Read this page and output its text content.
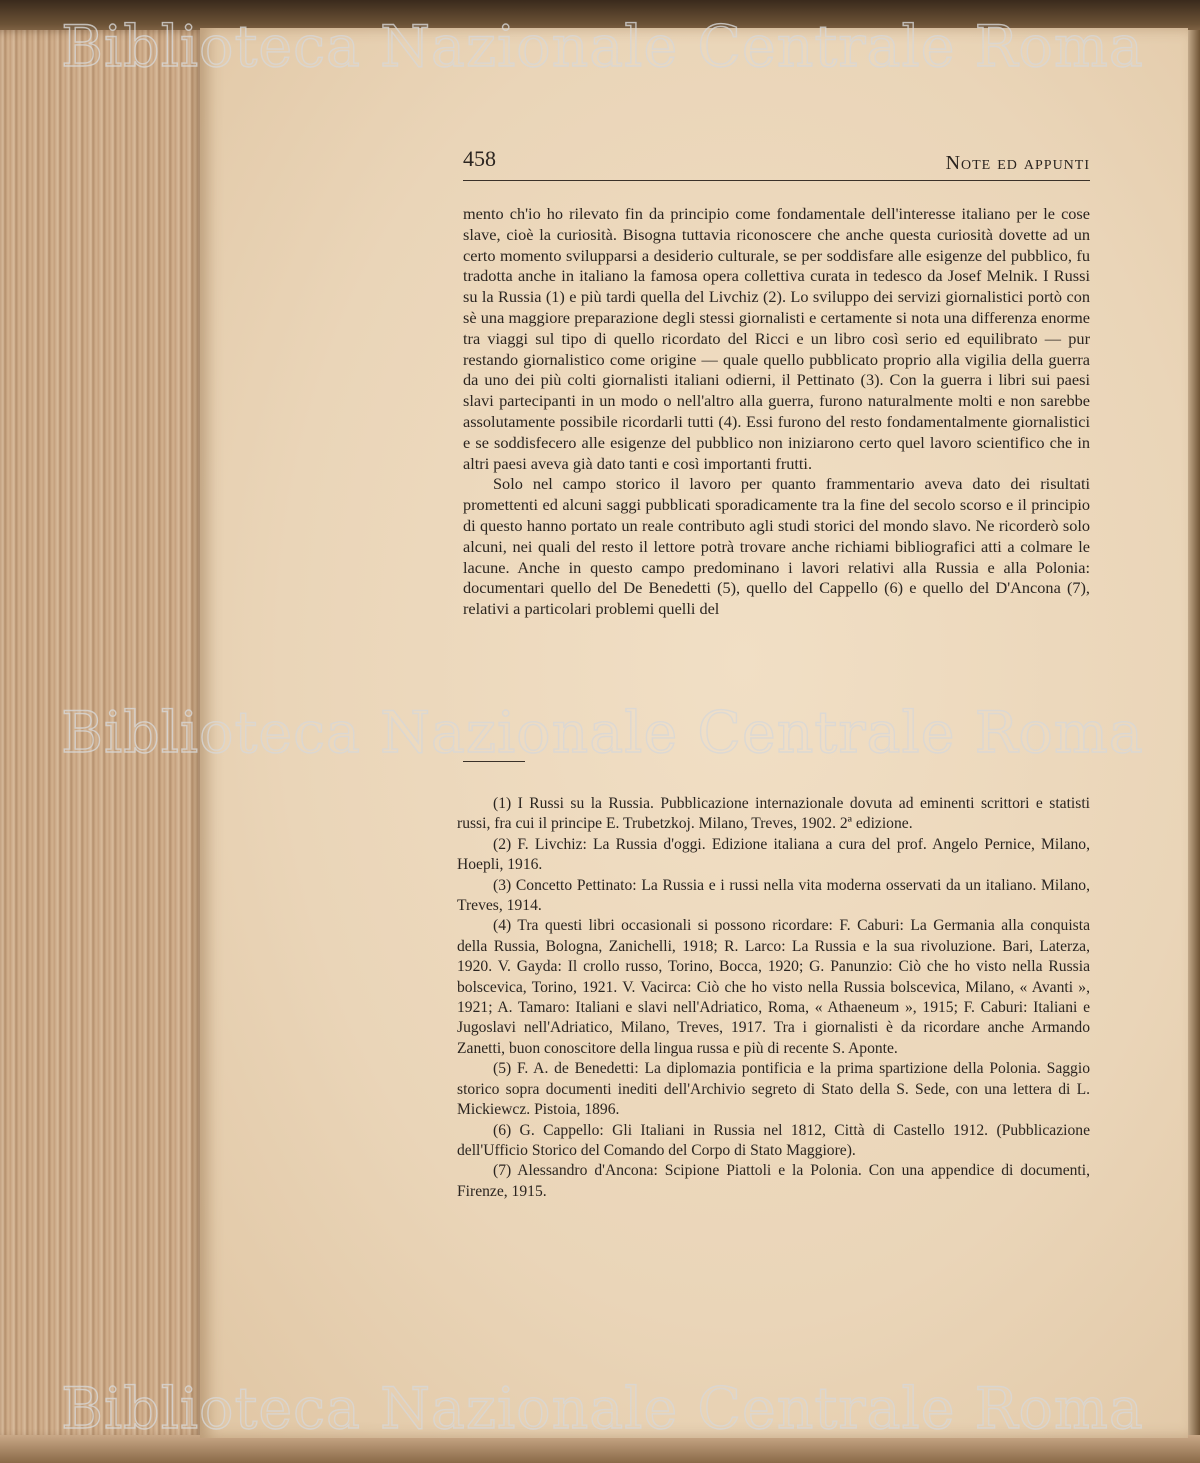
458	Note ed appunti

mento ch'io ho rilevato fin da principio come fondamentale dell'interesse italiano per le cose slave, cioè la curiosità. Bisogna tuttavia riconoscere che anche questa curiosità dovette ad un certo momento svilupparsi a desiderio culturale, se per soddisfare alle esigenze del pubblico, fu tradotta anche in italiano la famosa opera collettiva curata in tedesco da Josef Melnik. I Russi su la Russia (1) e più tardi quella del Livchiz (2). Lo sviluppo dei servizi giornalistici portò con sè una maggiore preparazione degli stessi giornalisti e certamente si nota una differenza enorme tra viaggi sul tipo di quello ricordato del Ricci e un libro così serio ed equilibrato — pur restando giornalistico come origine — quale quello pubblicato proprio alla vigilia della guerra da uno dei più colti giornalisti italiani odierni, il Pettinato (3). Con la guerra i libri sui paesi slavi partecipanti in un modo o nell'altro alla guerra, furono naturalmente molti e non sarebbe assolutamente possibile ricordarli tutti (4). Essi furono del resto fondamentalmente giornalistici e se soddisfecero alle esigenze del pubblico non iniziarono certo quel lavoro scientifico che in altri paesi aveva già dato tanti e così importanti frutti.

Solo nel campo storico il lavoro per quanto frammentario aveva dato dei risultati promettenti ed alcuni saggi pubblicati sporadicamente tra la fine del secolo scorso e il principio di questo hanno portato un reale contributo agli studi storici del mondo slavo. Ne ricorderò solo alcuni, nei quali del resto il lettore potrà trovare anche richiami bibliografici atti a colmare le lacune. Anche in questo campo predominano i lavori relativi alla Russia e alla Polonia: documentari quello del De Benedetti (5), quello del Cappello (6) e quello del D'Ancona (7), relativi a particolari problemi quelli del

(1) I Russi su la Russia. Pubblicazione internazionale dovuta ad eminenti scrittori e statisti russi, fra cui il principe E. Trubetzkoj. Milano, Treves, 1902. 2ª edizione.

(2) F. Livchiz: La Russia d'oggi. Edizione italiana a cura del prof. Angelo Pernice, Milano, Hoepli, 1916.

(3) Concetto Pettinato: La Russia e i russi nella vita moderna osservati da un italiano. Milano, Treves, 1914.

(4) Tra questi libri occasionali si possono ricordare: F. Caburi: La Germania alla conquista della Russia, Bologna, Zanichelli, 1918; R. Larco: La Russia e la sua rivoluzione. Bari, Laterza, 1920. V. Gayda: Il crollo russo, Torino, Bocca, 1920; G. Panunzio: Ciò che ho visto nella Russia bolscevica, Torino, 1921. V. Vacirca: Ciò che ho visto nella Russia bolscevica, Milano, « Avanti », 1921; A. Tamaro: Italiani e slavi nell'Adriatico, Roma, « Athaeneum », 1915; F. Caburi: Italiani e Jugoslavi nell'Adriatico, Milano, Treves, 1917. Tra i giornalisti è da ricordare anche Armando Zanetti, buon conoscitore della lingua russa e più di recente S. Aponte.

(5) F. A. de Benedetti: La diplomazia pontificia e la prima spartizione della Polonia. Saggio storico sopra documenti inediti dell'Archivio segreto di Stato della S. Sede, con una lettera di L. Mickiewcz. Pistoia, 1896.

(6) G. Cappello: Gli Italiani in Russia nel 1812, Città di Castello 1912. (Pubblicazione dell'Ufficio Storico del Comando del Corpo di Stato Maggiore).

(7) Alessandro d'Ancona: Scipione Piattoli e la Polonia. Con una appendice di documenti, Firenze, 1915.
